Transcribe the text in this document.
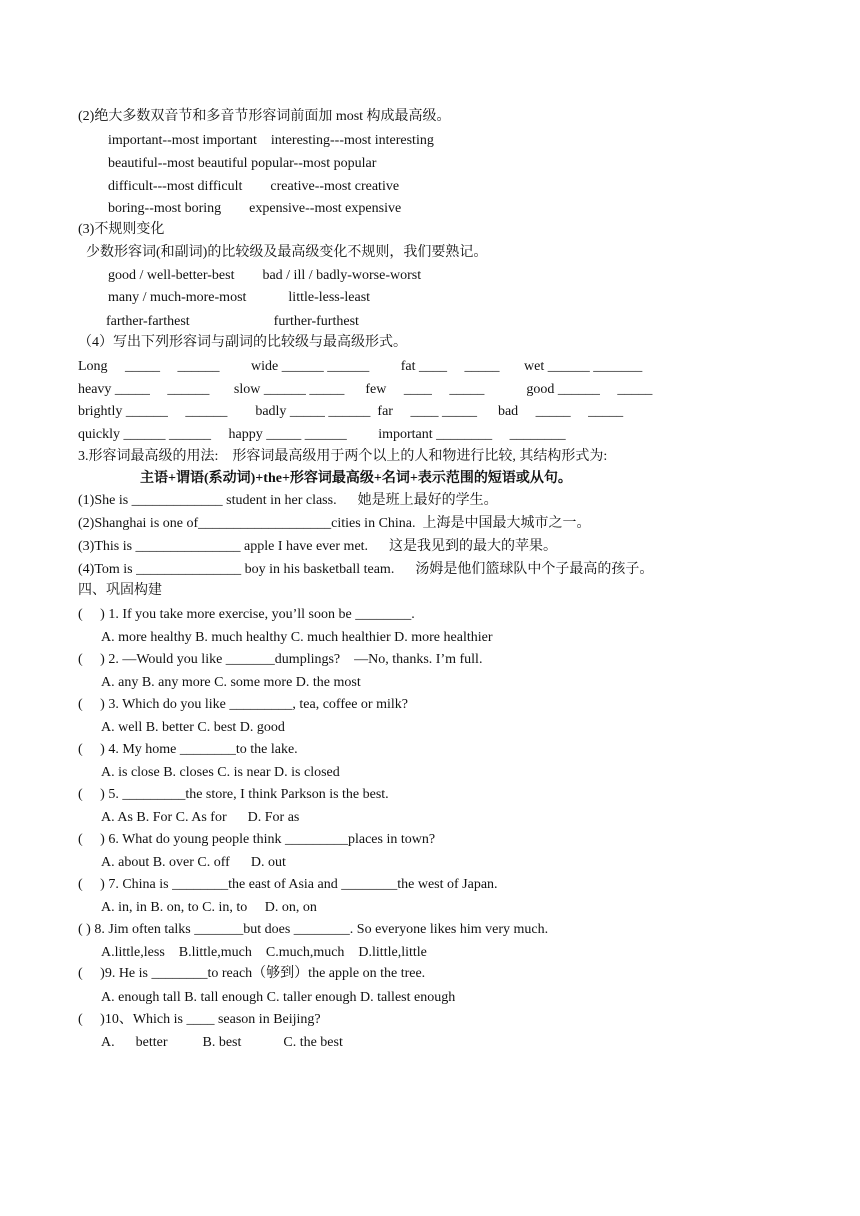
(2)绝大多数双音节和多音节形容词前面加 most 构成最高级。
important--most important    interesting---most interesting
beautiful--most beautiful popular--most popular
difficult---most difficult        creative--most creative
boring--most boring        expensive--most expensive
(3)不规则变化
少数形容词(和副词)的比较级及最高级变化不规则，我们要熟记。
good / well-better-best        bad / ill / badly-worse-worst
many / much-more-most            little-less-least
farther-farthest                        further-furthest
（4）写出下列形容词与副词的比较级与最高级形式。
Long     _____     ______         wide ______ ______         fat ____     _____       wet ______ _______
heavy _____     ______       slow ______ _____      few     ____     _____            good ______     _____
brightly ______     ______        badly _____ ______  far     ____ _____      bad     _____     _____
quickly ______ ______     happy _____ ______         important ________     ________
3.形容词最高级的用法:    形容词最高级用于两个以上的人和物进行比较, 其结构形式为:
主语+谓语(系动词)+the+形容词最高级+名词+表示范围的短语或从句。
(1)She is _____________ student in her class.      她是班上最好的学生。
(2)Shanghai is one of___________________cities in China.  上海是中国最大城市之一。
(3)This is _______________ apple I have ever met.      这是我见到的最大的苹果。
(4)Tom is _______________ boy in his basketball team.      汤姆是他们篮球队中个子最高的孩子。
四、巩固构建
(     ) 1. If you take more exercise, you’ll soon be ________.
A. more healthy B. much healthy C. much healthier D. more healthier
(     ) 2. —Would you like _______dumplings?    —No, thanks. I’m full.
A. any B. any more C. some more D. the most
(     ) 3. Which do you like _________, tea, coffee or milk?
A. well B. better C. best D. good
(     ) 4. My home ________to the lake.
A. is close B. closes C. is near D. is closed
(     ) 5. _________the store, I think Parkson is the best.
A. As B. For C. As for      D. For as
(     ) 6. What do young people think _________places in town?
A. about B. over C. off      D. out
(     ) 7. China is ________the east of Asia and ________the west of Japan.
A. in, in B. on, to C. in, to     D. on, on
( ) 8. Jim often talks _______but does ________. So everyone likes him very much.
A.little,less    B.little,much    C.much,much    D.little,little
(     )9. He is ________to reach（够到）the apple on the tree.
A. enough tall B. tall enough C. taller enough D. tallest enough
(     )10、Which is ____ season in Beijing?
A.      better          B. best            C. the best
